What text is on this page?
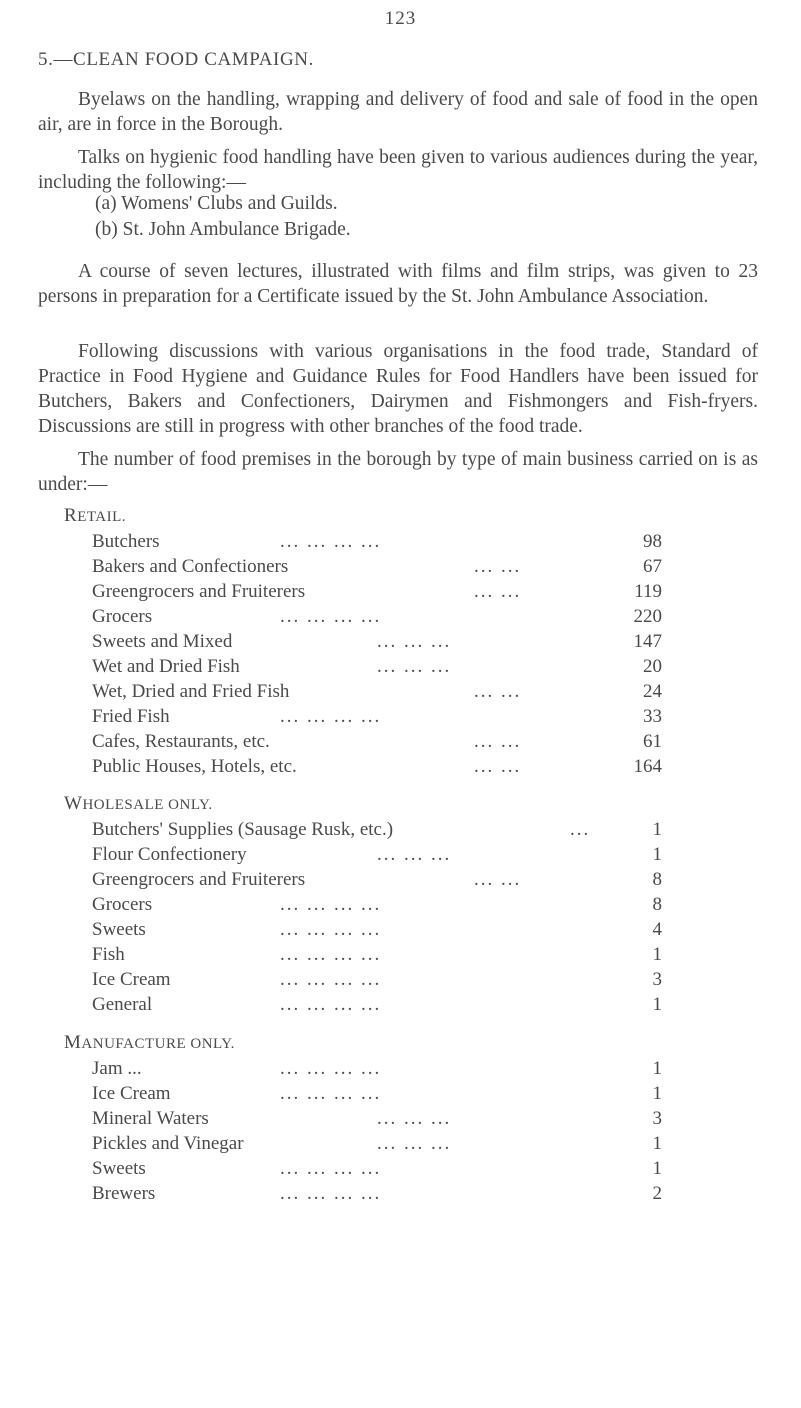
123
5.—CLEAN FOOD CAMPAIGN.
Byelaws on the handling, wrapping and delivery of food and sale of food in the open air, are in force in the Borough.
Talks on hygienic food handling have been given to various audiences during the year, including the following:—
(a) Womens' Clubs and Guilds.
(b) St. John Ambulance Brigade.
A course of seven lectures, illustrated with films and film strips, was given to 23 persons in preparation for a Certificate issued by the St. John Ambulance Association.
Following discussions with various organisations in the food trade, Standard of Practice in Food Hygiene and Guidance Rules for Food Handlers have been issued for Butchers, Bakers and Confectioners, Dairymen and Fishmongers and Fish-fryers. Discussions are still in progress with other branches of the food trade.
The number of food premises in the borough by type of main business carried on is as under:—
RETAIL.
Butchers	... ... ... ...	98
Bakers and Confectioners	... ...	67
Greengrocers and Fruiterers	... ...	119
Grocers	... ... ... ...	220
Sweets and Mixed	... ... ...	147
Wet and Dried Fish	... ... ...	20
Wet, Dried and Fried Fish	... ...	24
Fried Fish	... ... ... ...	33
Cafes, Restaurants, etc.	... ...	61
Public Houses, Hotels, etc.	... ...	164
WHOLESALE ONLY.
Butchers' Supplies (Sausage Rusk, etc.)	...	1
Flour Confectionery	... ... ...	1
Greengrocers and Fruiterers	... ...	8
Grocers	... ... ... ...	8
Sweets	... ... ... ...	4
Fish	... ... ... ...	1
Ice Cream	... ... ... ...	3
General	... ... ... ...	1
MANUFACTURE ONLY.
Jam ...	... ... ... ...	1
Ice Cream	... ... ... ...	1
Mineral Waters	... ... ...	3
Pickles and Vinegar	... ... ...	1
Sweets	... ... ... ...	1
Brewers	... ... ... ...	2
